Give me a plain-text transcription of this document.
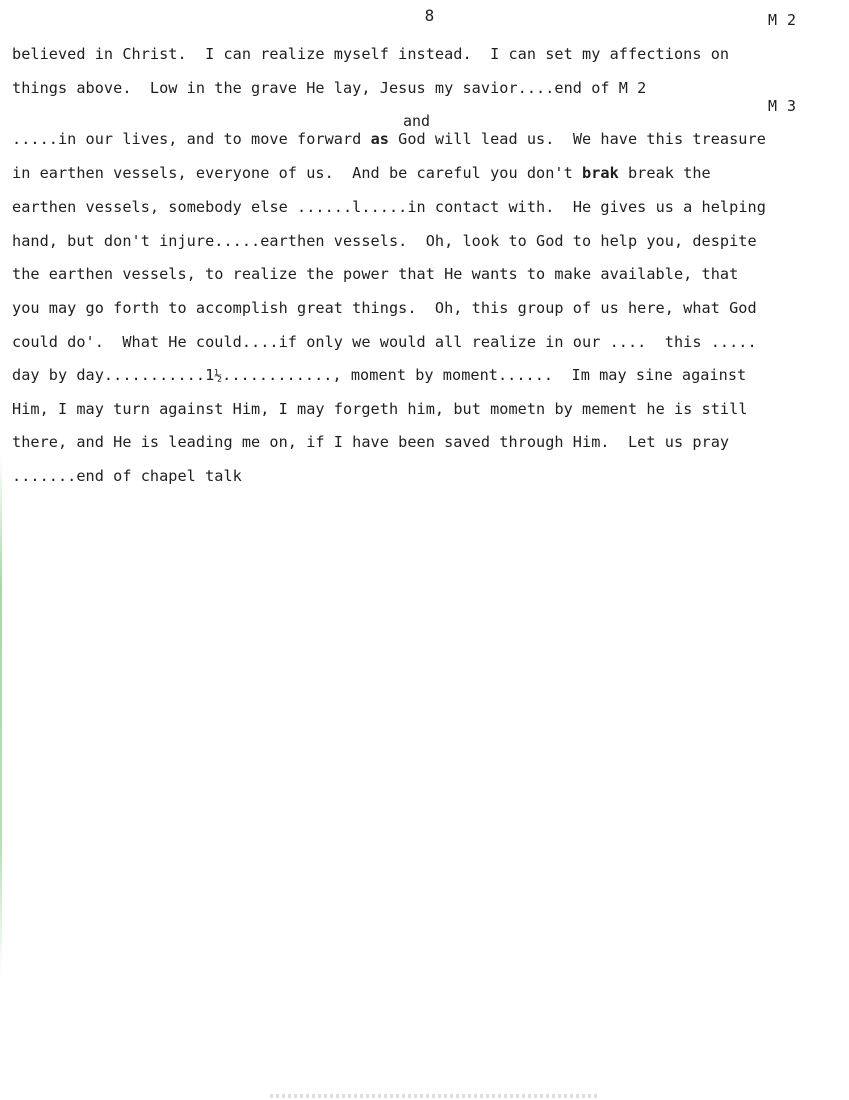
8	M 2
M 3
and
believed in Christ.  I can realize myself instead.  I can set my affections on
things above.  Low in the grave He lay, Jesus my savior....end of M 2
.....in our lives, and to move forward as God will lead us.  We have this treasure
in earthen vessels, everyone of us.  And be careful you don't brak break the
earthen vessels, somebody else ......l.....in contact with.  He gives us a helping
hand, but don't injure.....earthen vessels.  Oh, look to God to help you, despite
the earthen vessels, to realize the power that He wants to make available, that
you may go forth to accomplish great things.  Oh, this group of us here, what God
could do'.  What He could....if only we would all realize in our ....  this .....
day by day...........1½............, moment by moment......  Im may sine against
Him, I may turn against Him, I may forgeth him, but mometn by mement he is still
there, and He is leading me on, if I have been saved through Him.  Let us pray
.......end of chapel talk
